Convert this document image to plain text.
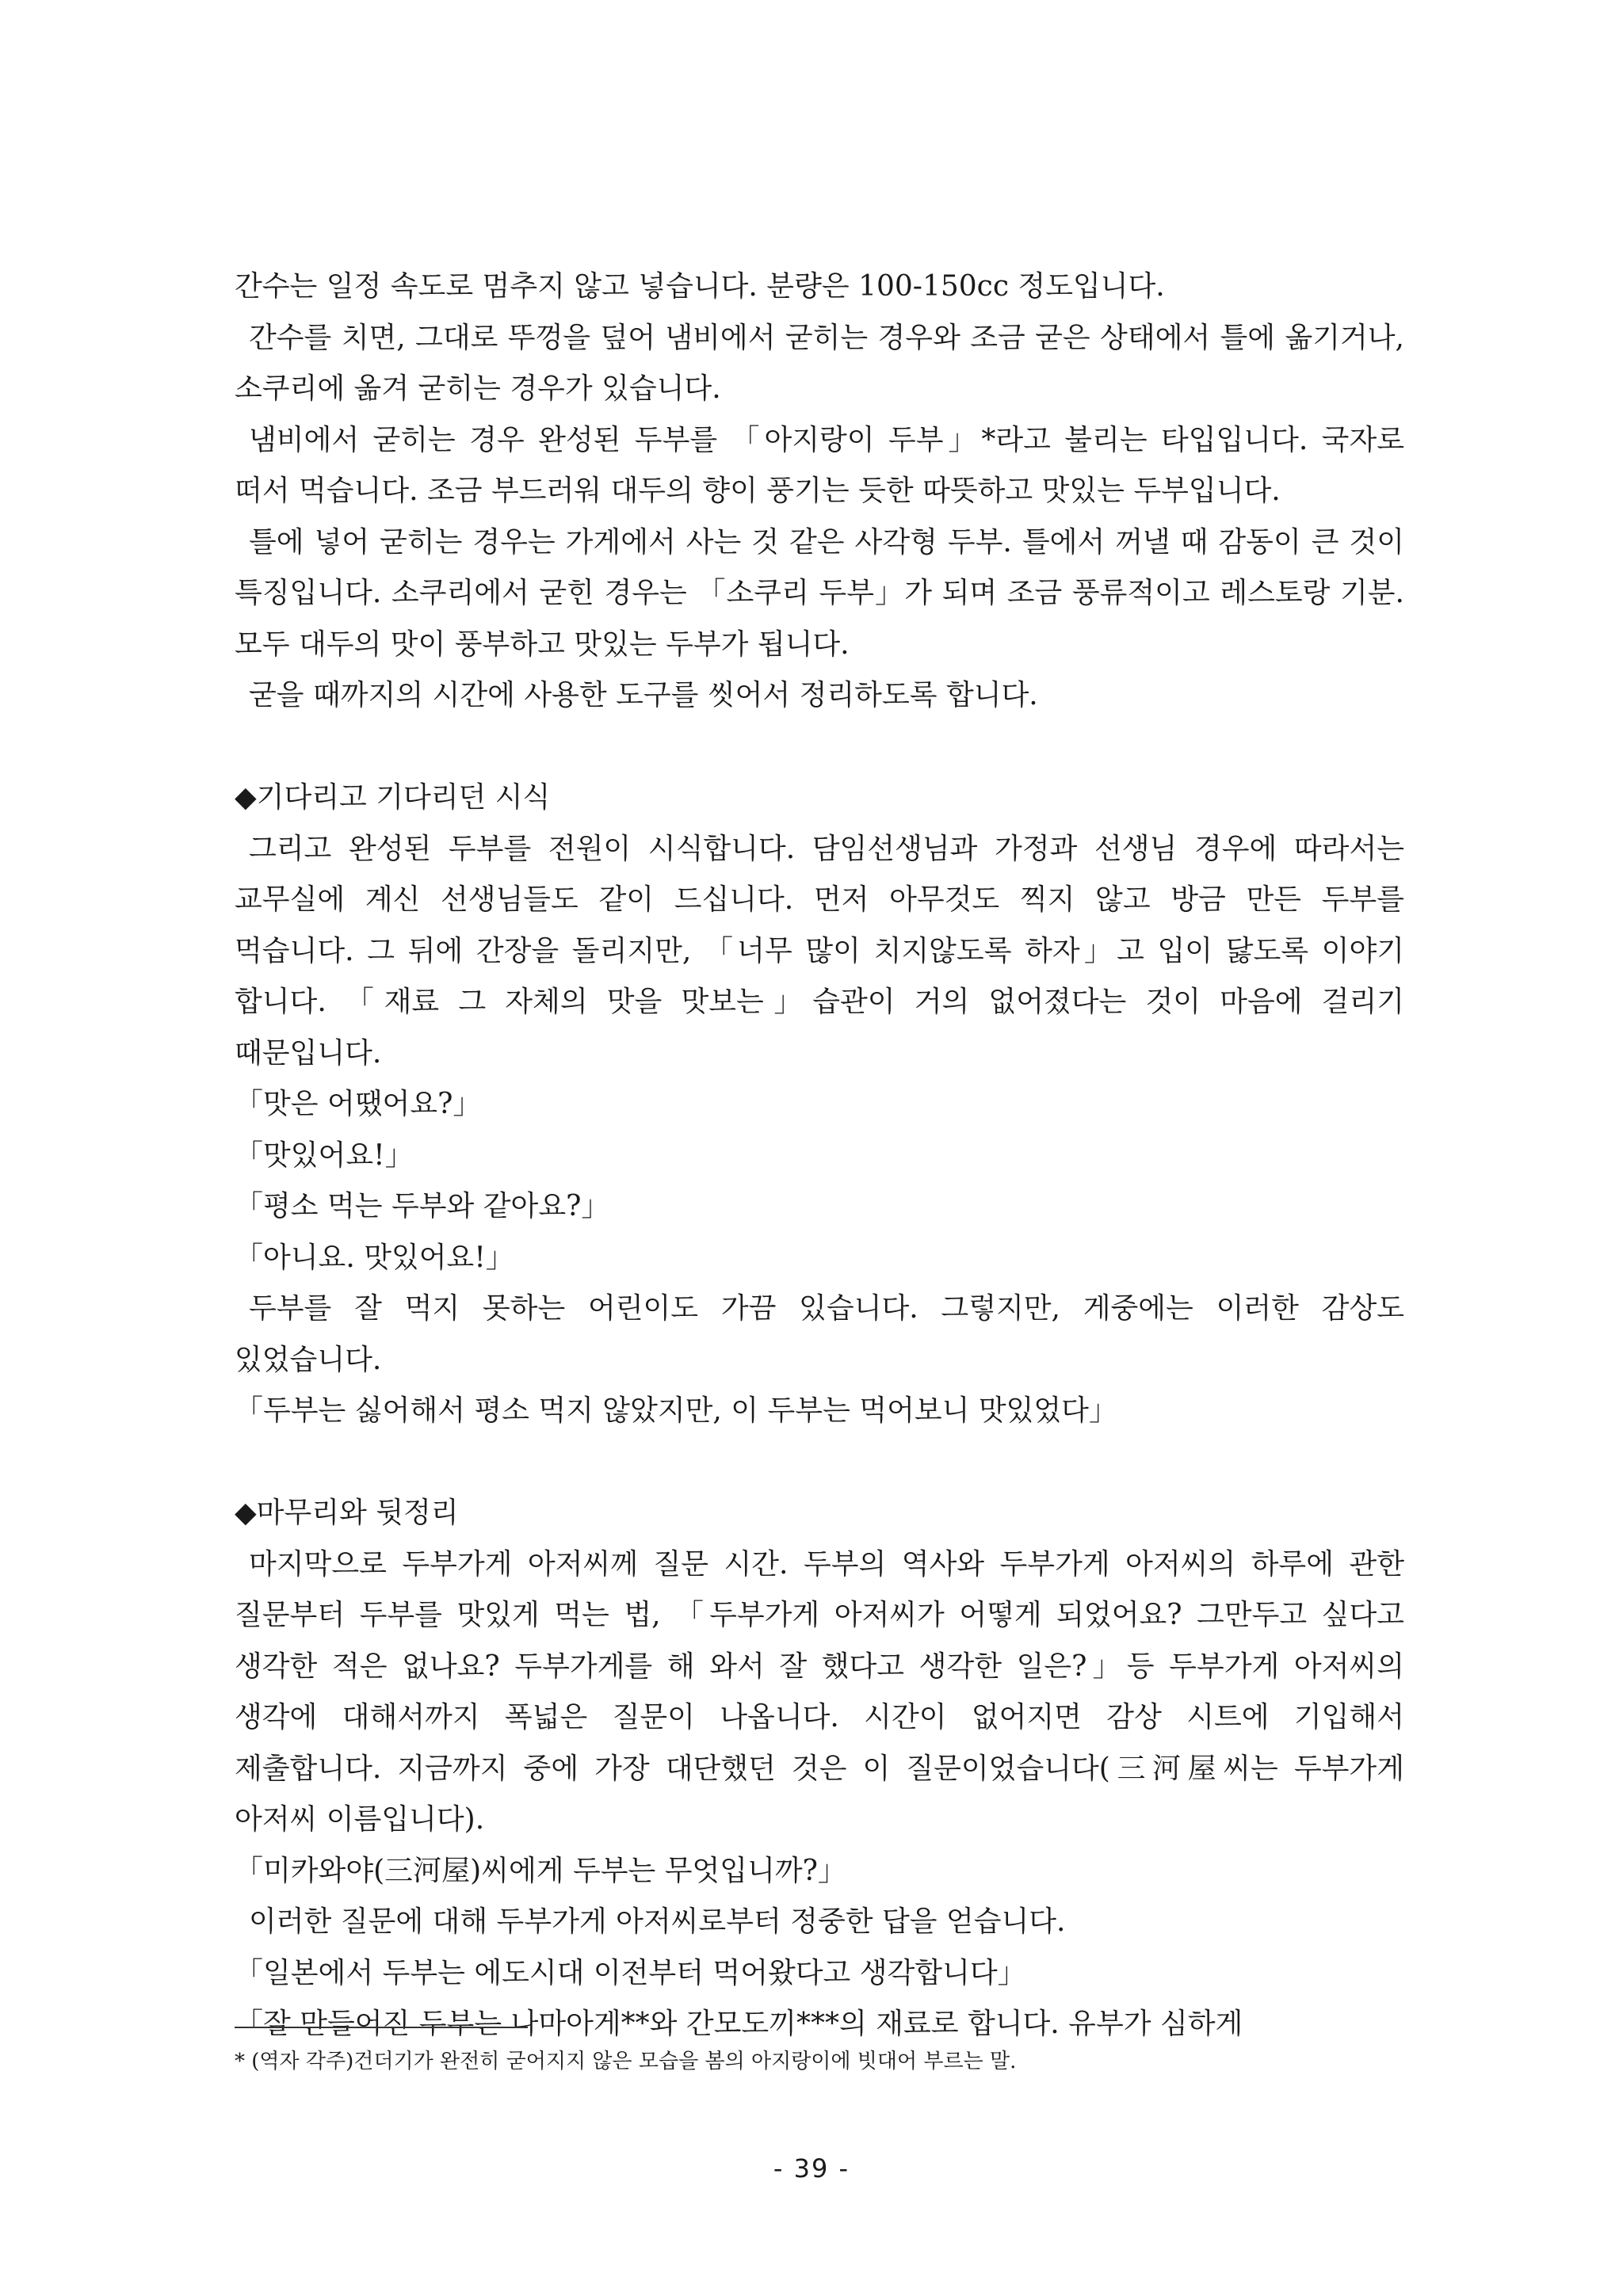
간수는 일정 속도로 멈추지 않고 넣습니다. 분량은 100-150cc 정도입니다.

간수를 치면, 그대로 뚜껑을 덮어 냄비에서 굳히는 경우와 조금 굳은 상태에서 틀에 옮기거나, 소쿠리에 옮겨 굳히는 경우가 있습니다.

냄비에서 굳히는 경우 완성된 두부를 「아지랑이 두부」*라고 불리는 타입입니다. 국자로 떠서 먹습니다. 조금 부드러워 대두의 향이 풍기는 듯한 따뜻하고 맛있는 두부입니다.

틀에 넣어 굳히는 경우는 가게에서 사는 것 같은 사각형 두부. 틀에서 꺼낼 때 감동이 큰 것이 특징입니다. 소쿠리에서 굳힌 경우는 「소쿠리 두부」가 되며 조금 풍류적이고 레스토랑 기분. 모두 대두의 맛이 풍부하고 맛있는 두부가 됩니다.

굳을 때까지의 시간에 사용한 도구를 씻어서 정리하도록 합니다.

◆기다리고 기다리던 시식

그리고 완성된 두부를 전원이 시식합니다. 담임선생님과 가정과 선생님 경우에 따라서는 교무실에 계신 선생님들도 같이 드십니다. 먼저 아무것도 찍지 않고 방금 만든 두부를 먹습니다. 그 뒤에 간장을 돌리지만, 「너무 많이 치지않도록 하자」고 입이 닳도록 이야기 합니다. 「재료 그 자체의 맛을 맛보는」습관이 거의 없어졌다는 것이 마음에 걸리기 때문입니다.

「맛은 어땠어요?」

「맛있어요!」

「평소 먹는 두부와 같아요?」

「아니요. 맛있어요!」

두부를 잘 먹지 못하는 어린이도 가끔 있습니다. 그렇지만, 게중에는 이러한 감상도 있었습니다.

「두부는 싫어해서 평소 먹지 않았지만, 이 두부는 먹어보니 맛있었다」

◆마무리와 뒷정리

마지막으로 두부가게 아저씨께 질문 시간. 두부의 역사와 두부가게 아저씨의 하루에 관한 질문부터 두부를 맛있게 먹는 법, 「두부가게 아저씨가 어떻게 되었어요? 그만두고 싶다고 생각한 적은 없나요? 두부가게를 해 와서 잘 했다고 생각한 일은?」등 두부가게 아저씨의 생각에 대해서까지 폭넓은 질문이 나옵니다. 시간이 없어지면 감상 시트에 기입해서 제출합니다. 지금까지 중에 가장 대단했던 것은 이 질문이었습니다(三河屋씨는 두부가게 아저씨 이름입니다).

「미카와야(三河屋)씨에게 두부는 무엇입니까?」

이러한 질문에 대해 두부가게 아저씨로부터 정중한 답을 얻습니다.

「일본에서 두부는 에도시대 이전부터 먹어왔다고 생각합니다」

「잘 만들어진 두부는 나마아게**와 간모도끼***의 재료로 합니다. 유부가 심하게

* (역자 각주)건더기가 완전히 굳어지지 않은 모습을 봄의 아지랑이에 빗대어 부르는 말.
- 39 -
